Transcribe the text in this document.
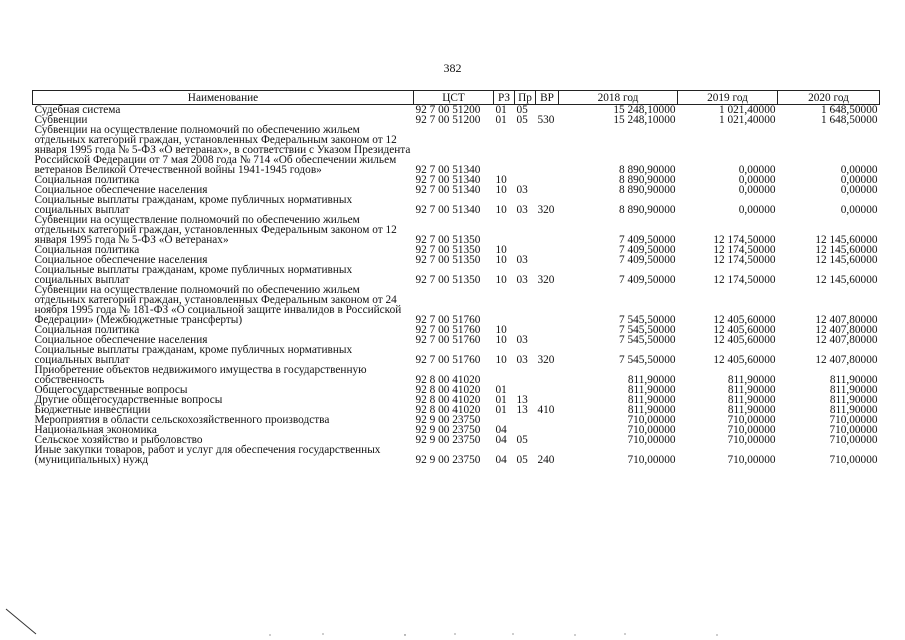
382
Наименование	ЦСТ	РЗ	Пр	ВР	2018 год	2019 год	2020 год
Судебная система	92 7 00 51200	01	05		15 248,10000	1 021,40000	1 648,50000
Субвенции	92 7 00 51200	01	05	530	15 248,10000	1 021,40000	1 648,50000
Субвенции на осуществление полномочий по обеспечению жильем отдельных категорий граждан, установленных Федеральным законом от 12 января 1995 года № 5-ФЗ «О ветеранах», в соответствии с Указом Президента Российской Федерации от 7 мая 2008 года № 714 «Об обеспечении жильем ветеранов Великой Отечественной войны 1941-1945 годов»	92 7 00 51340				8 890,90000	0,00000	0,00000
Социальная политика	92 7 00 51340	10			8 890,90000	0,00000	0,00000
Социальное обеспечение населения	92 7 00 51340	10	03		8 890,90000	0,00000	0,00000
Социальные выплаты гражданам, кроме публичных нормативных социальных выплат	92 7 00 51340	10	03	320	8 890,90000	0,00000	0,00000
Субвенции на осуществление полномочий по обеспечению жильем отдельных категорий граждан, установленных Федеральным законом от 12 января 1995 года № 5-ФЗ «О ветеранах»	92 7 00 51350				7 409,50000	12 174,50000	12 145,60000
Социальная политика	92 7 00 51350	10			7 409,50000	12 174,50000	12 145,60000
Социальное обеспечение населения	92 7 00 51350	10	03		7 409,50000	12 174,50000	12 145,60000
Социальные выплаты гражданам, кроме публичных нормативных социальных выплат	92 7 00 51350	10	03	320	7 409,50000	12 174,50000	12 145,60000
Субвенции на осуществление полномочий по обеспечению жильем отдельных категорий граждан, установленных Федеральным законом от 24 ноября 1995 года № 181-ФЗ «О социальной защите инвалидов в Российской Федерации» (Межбюджетные трансферты)	92 7 00 51760				7 545,50000	12 405,60000	12 407,80000
Социальная политика	92 7 00 51760	10			7 545,50000	12 405,60000	12 407,80000
Социальное обеспечение населения	92 7 00 51760	10	03		7 545,50000	12 405,60000	12 407,80000
Социальные выплаты гражданам, кроме публичных нормативных социальных выплат	92 7 00 51760	10	03	320	7 545,50000	12 405,60000	12 407,80000
Приобретение объектов недвижимого имущества в государственную собственность	92 8 00 41020				811,90000	811,90000	811,90000
Общегосударственные вопросы	92 8 00 41020	01			811,90000	811,90000	811,90000
Другие общегосударственные вопросы	92 8 00 41020	01	13		811,90000	811,90000	811,90000
Бюджетные инвестиции	92 8 00 41020	01	13	410	811,90000	811,90000	811,90000
Мероприятия в области сельскохозяйственного производства	92 9 00 23750				710,00000	710,00000	710,00000
Национальная экономика	92 9 00 23750	04			710,00000	710,00000	710,00000
Сельское хозяйство и рыболовство	92 9 00 23750	04	05		710,00000	710,00000	710,00000
Иные закупки товаров, работ и услуг для обеспечения государственных (муниципальных) нужд	92 9 00 23750	04	05	240	710,00000	710,00000	710,00000
